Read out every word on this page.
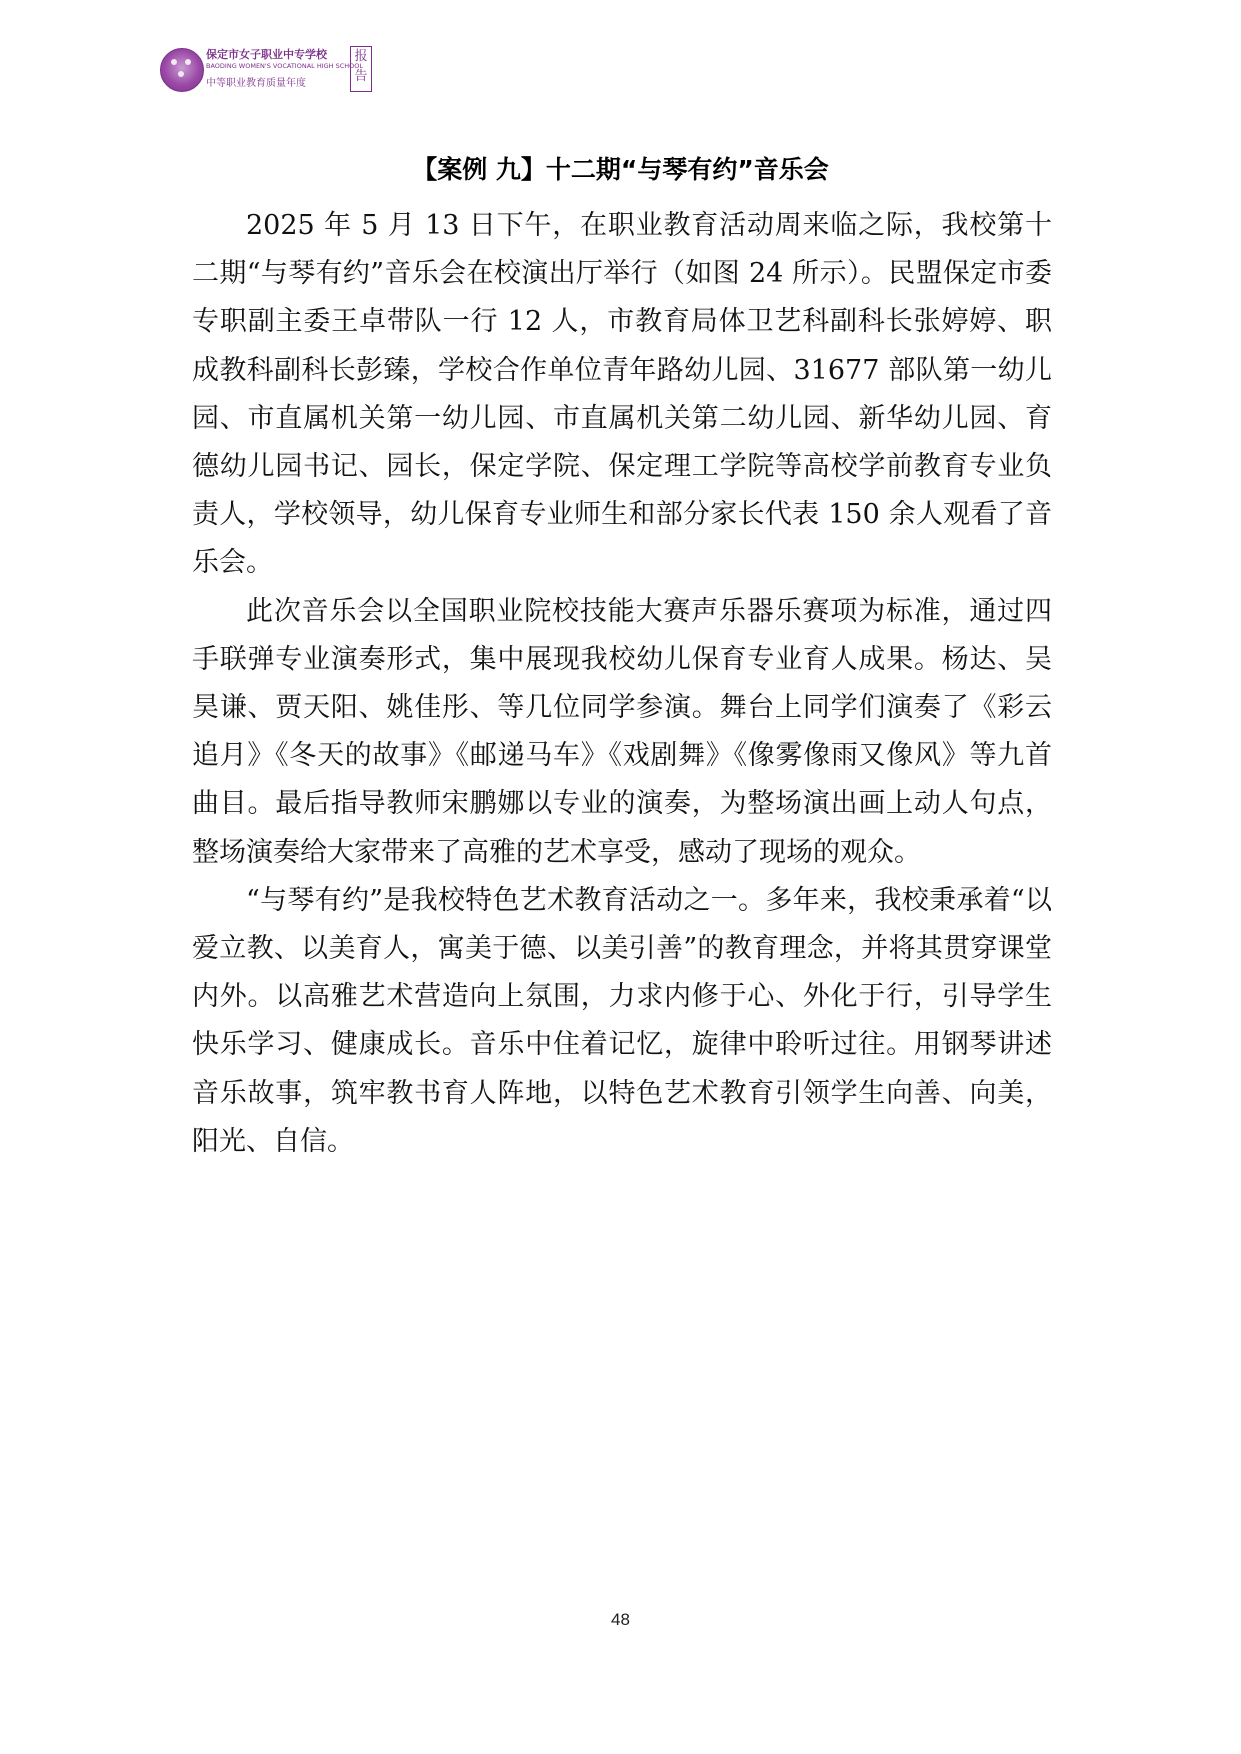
保定市女子职业中专学校
BAODING WOMEN'S VOCATIONAL HIGH SCHOOL
中等职业教育质量年度
报告
【案例 九】十二期“与琴有约”音乐会

2025 年 5 月 13 日下午，在职业教育活动周来临之际，我校第十二期“与琴有约”音乐会在校演出厅举行（如图 24 所示）。民盟保定市委专职副主委王卓带队一行 12 人，市教育局体卫艺科副科长张婷婷、职成教科副科长彭臻，学校合作单位青年路幼儿园、31677 部队第一幼儿园、市直属机关第一幼儿园、市直属机关第二幼儿园、新华幼儿园、育德幼儿园书记、园长，保定学院、保定理工学院等高校学前教育专业负责人，学校领导，幼儿保育专业师生和部分家长代表 150 余人观看了音乐会。

此次音乐会以全国职业院校技能大赛声乐器乐赛项为标准，通过四手联弹专业演奏形式，集中展现我校幼儿保育专业育人成果。杨达、吴昊谦、贾天阳、姚佳彤、等几位同学参演。舞台上同学们演奏了《彩云追月》《冬天的故事》《邮递马车》《戏剧舞》《像雾像雨又像风》等九首曲目。最后指导教师宋鹏娜以专业的演奏，为整场演出画上动人句点，整场演奏给大家带来了高雅的艺术享受，感动了现场的观众。

“与琴有约”是我校特色艺术教育活动之一。多年来，我校秉承着“以爱立教、以美育人，寓美于德、以美引善”的教育理念，并将其贯穿课堂内外。以高雅艺术营造向上氛围，力求内修于心、外化于行，引导学生快乐学习、健康成长。音乐中住着记忆，旋律中聆听过往。用钢琴讲述音乐故事，筑牢教书育人阵地，以特色艺术教育引领学生向善、向美，阳光、自信。

48
